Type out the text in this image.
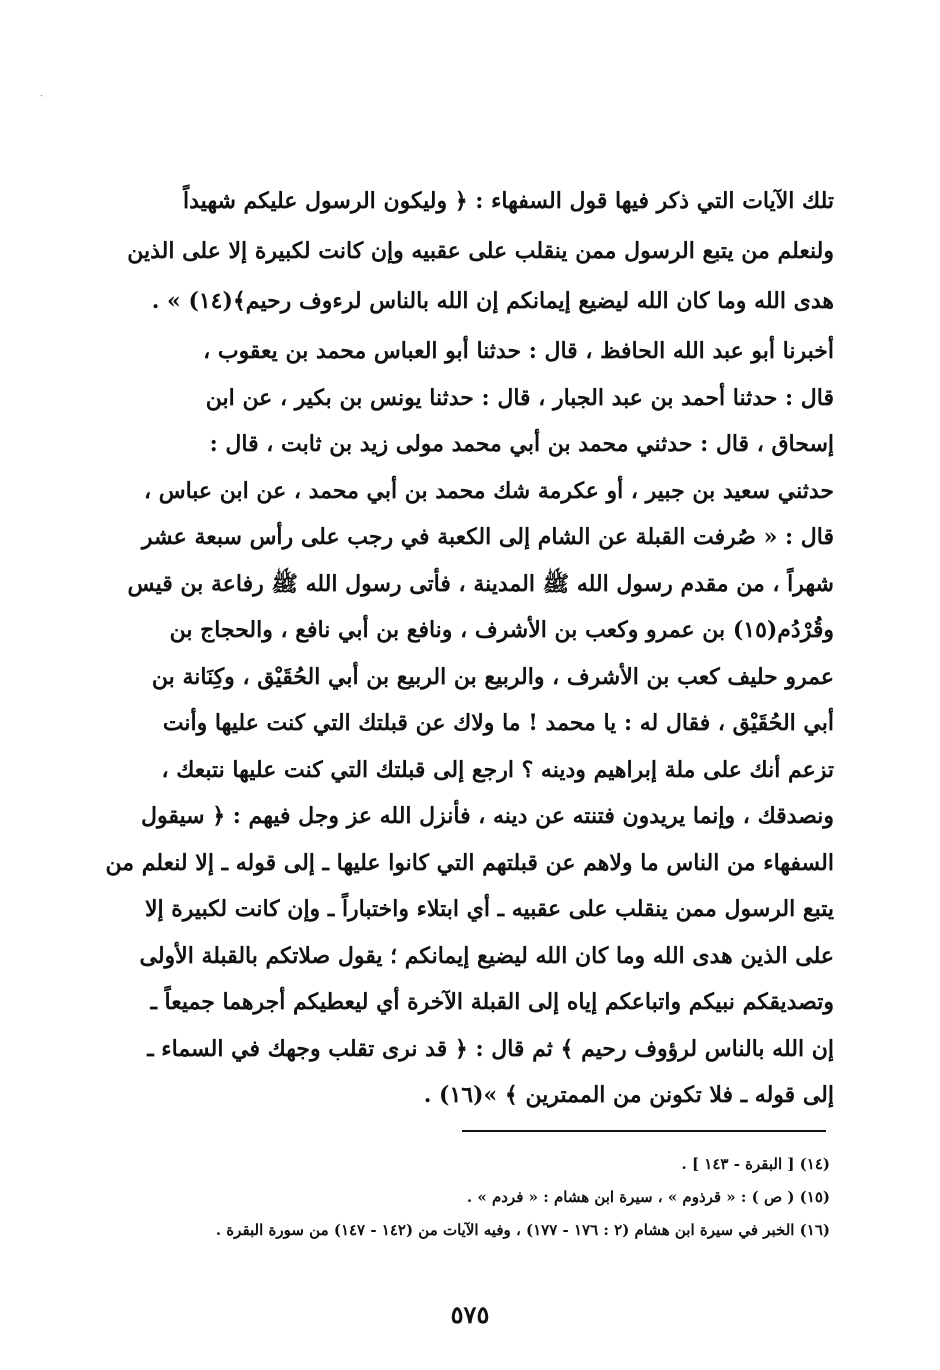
ˎ
تلك الآيات التي ذكر فيها قول السفهاء : ﴿ وليكون الرسول عليكم شهيداً
ولنعلم من يتبع الرسول ممن ينقلب على عقبيه وإن كانت لكبيرة إلا على الذين
هدى الله وما كان الله ليضيع إيمانكم إن الله بالناس لرءوف رحيم﴾(١٤) » .
أخبرنا أبو عبد الله الحافظ ، قال : حدثنا أبو العباس محمد بن يعقوب ،
قال : حدثنا أحمد بن عبد الجبار ، قال : حدثنا يونس بن بكير ، عن ابن
إسحاق ، قال : حدثني محمد بن أبي محمد مولى زيد بن ثابت ، قال :
حدثني سعيد بن جبير ، أو عكرمة شك محمد بن أبي محمد ، عن ابن عباس ،
قال : « صُرفت القبلة عن الشام إلى الكعبة في رجب على رأس سبعة عشر
شهراً ، من مقدم رسول الله ﷺ المدينة ، فأتى رسول الله ﷺ رفاعة بن قيس
وقُرْدُم(١٥) بن عمرو وكعب بن الأشرف ، ونافع بن أبي نافع ، والحجاج بن
عمرو حليف كعب بن الأشرف ، والربيع بن الربيع بن أبي الحُقَيْق ، وكِنَانة بن
أبي الحُقَيْق ، فقال له : يا محمد ! ما ولاك عن قبلتك التي كنت عليها وأنت
تزعم أنك على ملة إبراهيم ودينه ؟ ارجع إلى قبلتك التي كنت عليها نتبعك ،
ونصدقك ، وإنما يريدون فتنته عن دينه ، فأنزل الله عز وجل فيهم : ﴿ سيقول
السفهاء من الناس ما ولاهم عن قبلتهم التي كانوا عليها ـ إلى قوله ـ إلا لنعلم من
يتبع الرسول ممن ينقلب على عقبيه ـ أي ابتلاء واختباراً ـ وإن كانت لكبيرة إلا
على الذين هدى الله وما كان الله ليضيع إيمانكم ؛ يقول صلاتكم بالقبلة الأولى
وتصديقكم نبيكم واتباعكم إياه إلى القبلة الآخرة أي ليعطيكم أجرهما جميعاً ـ
إن الله بالناس لرؤوف رحيم ﴾ ثم قال : ﴿ قد نرى تقلب وجهك في السماء ـ
إلى قوله ـ فلا تكونن من الممترين ﴾ »(١٦) .
(١٤) [ البقرة - ١٤٣ ] .
(١٥) ( ص ) : « قرذوم » ، سيرة ابن هشام : « فردم » .
(١٦) الخبر في سيرة ابن هشام (٢ : ١٧٦ - ١٧٧) ، وفيه الآيات من (١٤٢ - ١٤٧) من سورة البقرة .
٥٧٥
